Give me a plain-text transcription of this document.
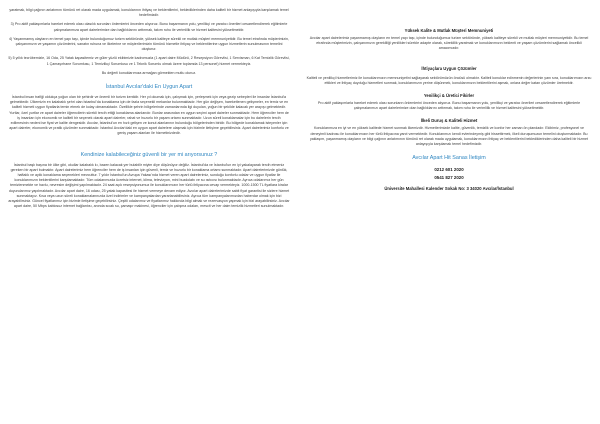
yaratmak, bilgi çağının anlatımını tümünü ret olarak mada uygulamak, konuklarının ihtiyaç ve beklentilerini, beklediklerinden daha kaliteli bir hizmet anlayışıyla karşılamak temel hedefimizdir.

3) Pro aktif yaklaşımlarla hareket ederek olası olasılık sorunları önlemlerini önceden alıyoruz. Bunu başarmanın yolu, yenilikçi ve yaratıcı önerileri cesaretlendirerek eğitimlerle çalışmalarımıza apart dairelerimize dan bağlılıklarını arttırmak, takım ruhu ile verimlilik ve hizmet kalitesini yükseltmektir.

4) Yaşanmamış olayların en temel yapı taşı, içinde bulunduğumuz turizm sektöründe, yüksek kaliteye sürekli ve mutlak müşteri memnuniyetidir. Bu temel etrafında müşterimizin, çalışanımızın ve yaşamın çözümlerini, sanatın ruhuna ve ilkelerine ve müşterilerimizin tümünü hizmetle ihtiyaç ve beklentilerine uygun hizmetlerin sunulmasının temelini oluşturur.

5) 5 yıllık tecrübemizle, 16 Oda, 25 Yatak kapasitemiz ve güler yüzlü ekibimizle kadromuzla (1 apart daire Müdürü, 2 Resepsiyon Görevlisi, 1 Servisman, 6 Kat Temizlik Görevlisi, 1 Çamaşırhane Sorumlusu, 1 Temizlikçi Sorumlusu ve 1 Teknik Sorumlu olmak üzere toplamda 13 personel) hizmet vermekteyiz.

Bu değerli konuklarımıza armağan görmekten mutlu oluruz.

İstanbul Avcılar'daki En Uygun Apart

İstanbul insan trafiği oldukça yoğun olan bir şehirdir ve önemli bir turizm kentidir. Her yıl okumak için, çalışmak için, yerleşmek için veya gezip sebepleri ile insanlar İstanbul'a gelmektedir. Ülkemizin en kalabalık şehri olan İstanbul'da konaklama için de fazla seçenekli mekanlar bulunmaktadır. Her gün değişen, hareketlenen gelişmeler, en temiz ve en kaliteli hizmeti uygun fiyatlarla temin etmek de kolay olmamaktadır. Özellikle şehrin bölgelerinde zamanlarında ilgi duyulan, yoğun bir şekilde kalacak yer arayışı gelmektedir. Yurtlar, özel yurtlar ve apart daireler öğrencilerin sürekli tercih ettiği konaklama alanlarıdır. Bunlar arasından en uygun seçimi apart daireler sunmaktadır. Hem öğrenciler hem de iş insanları için ekonomik ve kaliteli bir seçenek olarak apart daireler, rahat ve huzurlu bir yaşam ortamı sunmaktadır. Uzun süreli konaklamalar için bu dairelerin tercih edilmesinin nedeni ise fiyat ve kalite dengesidir. Avcılar, İstanbul'un en hızlı gelişen ve konut alanlarının bulunduğu bölgelerinden biridir. Bu bölgede konaklamak isteyenler için apart daireler, ekonomik ve pratik çözümler sunmaktadır. İstanbul Avcılar'daki en uygun apart dairelere ulaşmak için bizimle iletişime geçebilirsiniz. Apart dairelerimiz konforlu ve geniş yaşam alanları ile hizmetinizdedir.

Kendinize kalabileceğiniz güvenli bir yer mi arıyorsunuz ?

İstanbul başlı başına bir ülke gibi, okullar kalabalık kı, bazen kalacak yer bulabilir miyim diye düşünüyor değiliz. İstanbul'da ve İstanbul'un en iyi yakalayarak tercih etmeniz gereken bir apart bulmaktır. Apart dairelerimiz hem öğrenciler hem de iş insanları için güvenli, temiz ve huzurlu bir konaklama ortamı sunmaktadır. Apart dairelerimizde günlük, haftalık ve aylık konaklama seçenekleri mevcuttur. 7 yıldır İstanbul'un Avrupa Yakası'nda hizmet veren apart dairelerimiz, sunduğu konforlu odalar ve uygun fiyatlar ile konuklarımızın beklentilerini karşılamaktadır. Tüm odalarımızda ücretsiz internet, klima, televizyon, mini buzdolabı ve su ısıtıcısı bulunmaktadır. Ayrıca odalarımız her gün temizlenmekte ve havlu, nevresim değişimi yapılmaktadır. 24 saat açık resepsiyonumuz ile konuklarımızın her türlü ihtiyacına cevap vermekteyiz. 1000-1500 TL fiyatlara kiralar duyurularımız yapılmaktadır. Avcılar apart daire, 16 odası, 25 yatak kapasitesi ile hizmet vermeye devam ediyor. Avcılar apart dairelerimizde sabit fiyat garantisi ile sizlere hizmet sunmaktayız. Kısa veya uzun süreli konaklamalarınızda özel indirimler ve kampanyalardan yararlanabilirsiniz. Ayrıca tüm kampanyalarımızdan haberdar olmak için bizi arayabilirsiniz. Güncel fiyatlarımız için bizimle iletişime geçebilirsiniz. Çeşitli odalarımız ve fiyatlarımız hakkında bilgi almak ve rezervasyon yapmak için bizi arayabilirsiniz. Avcılar apart daire, 50 Mbps kablosuz internet bağlantısı, anında sıcak su, çamaşır makinesi, öğrenciler için çalışma odaları, mescit ve her daim temizlik hizmetleri sunulmaktadır.

Yüksek Kalite & Mutlak Müşteri Memnuniyeti

Avcılar apart dairelerimiz yaşanmamış olayların en temel yapı taşı, içinde bulunduğumuz turizm sektöründe, yüksek kaliteye sürekli ve mutlak müşteri memnuniyetidir. Bu temel etrafında müşterimizin, çalışanımızın gerekliliği yenilikleri sürekle adapte olarak, süreklilik yaratmak ve konuklarımızın beklenti ve yaşam çözümlerini sağlamak öncelikli amacımızdır.

İhtiyaçlara Uygun Çözümler

Kaliteli ve yenilikçi hizmetlerimiz ile konuklarımızın memnuniyetini sağlayarak sektörümüzün öncüsü olmaktır. Kaliteli konuklar edinmenin değerlerinin yanı sıra, konuklarımızın arzu ettikleri ve ihtiyaç duyduğu hizmetleri sunmak, konuklarımızın yerine düşünmek, konuklarımızın beklentilerini aşmak, onlara değer katan çözümler üretmektir.

Yenilikçi & Üretici Fikirler

Pro aktif yaklaşımlarla hareket ederek olası sorunların önlemlerini önceden alıyoruz. Bunu başarmanın yolu, yenilikçi ve yaratıcı önerileri cesaretlendirerek eğitimlerle çalışmalarımızı apart dairelerimize olan bağlılıklarını arttırmak, takım ruhu ile verimlilik ve hizmet kalitesini yükseltmektir.

İlkeli Duruş & Kaliteli Hizmet

Konuklarımıza en iyi ve en yüksek kalitede hizmet sunmak ilkemizdir. Hizmetlerimizde kalite, güvenlik, temizlik ve konfor her zaman ön plandadır. Ekibimiz, profesyonel ve deneyimli kadrosu ile konuklarımızın her türlü ihtiyacına yanıt vermektedir. Konuklarımızı kendi evlerindeymiş gibi hissettirmek, ilkeli duruşumuzun temelini oluşturmaktadır. Bu yaklaşım, yaşanmamış olayların ve bilgi çağının anlatımının tümünü ret olarak mada uygulamak, konuklarımızın ihtiyaç ve beklentilerini beklediklerinden daha kaliteli bir hizmet anlayışıyla karşılamak temel hedefimizdir.

Avcılar Apart Hit Sanas İletişim

0212 601 2020

0541 827 2020

Üniversite Mahallesi Kalender Sokak No: 3 34020 Avcılar/İstanbul
